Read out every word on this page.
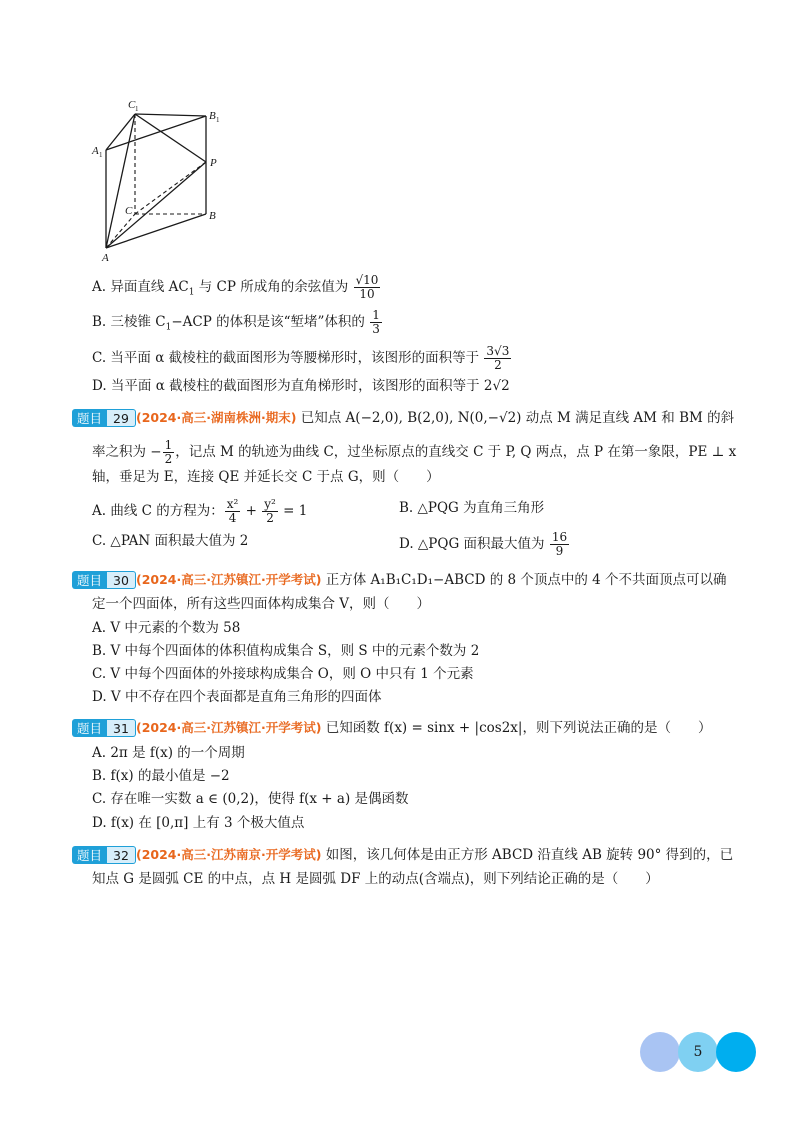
C 1
B 1
A 1
P
C	B
A
A. 异面直线 $AC_1$ 与 CP 所成角的余弦值为 $\frac{√10}{10}$
B. 三棱锥 $C_1-ACP$ 的体积是该“堑堵”体积的 $\frac{1}{3}$
C. 当平面 α 截棱柱的截面图形为等腰梯形时，该图形的面积等于 $\frac{3√3}{2}$
D. 当平面 α 截棱柱的截面图形为直角梯形时，该图形的面积等于 2√2
题目 29 (2024·高三·湖南株洲·期末) 已知点 A(−2,0), B(2,0), N(0,−√2) 动点 M 满足直线 AM 和 BM 的斜
率之积为 − $\frac{1}{2}$ ，记点 M 的轨迹为曲线 C，过坐标原点的直线交 C 于 P, Q 两点，点 P 在第一象限，PE ⊥ x
轴，垂足为 E，连接 QE 并延长交 C 于点 G，则（　　）
A. 曲线 C 的方程为： $\frac{\text{x²}}{4} + \frac{\text{y²}}{2} = 1$	B. △PQG 为直角三角形
C. △PAN 面积最大值为 2	D. △PQG 面积最大值为 $\frac{16}{9}$
题目 30 (2024·高三·江苏镇江·开学考试) 正方体 A₁B₁C₁D₁−ABCD 的 8 个顶点中的 4 个不共面顶点可以确
定一个四面体，所有这些四面体构成集合 V，则（　　）
A. V 中元素的个数为 58
B. V 中每个四面体的体积值构成集合 S，则 S 中的元素个数为 2
C. V 中每个四面体的外接球构成集合 O，则 O 中只有 1 个元素
D. V 中不存在四个表面都是直角三角形的四面体
题目 31 (2024·高三·江苏镇江·开学考试) 已知函数 f(x) = sinx + |cos2x|，则下列说法正确的是（　　）
A. 2π 是 f(x) 的一个周期
B. f(x) 的最小值是 −2
C. 存在唯一实数 a ∈ (0,2)，使得 f(x + a) 是偶函数
D. f(x) 在 [0,π] 上有 3 个极大值点
题目 32 (2024·高三·江苏南京·开学考试) 如图，该几何体是由正方形 ABCD 沿直线 AB 旋转 90° 得到的，已
知点 G 是圆弧 CE 的中点，点 H 是圆弧 DF 上的动点(含端点)，则下列结论正确的是（　　）
5
